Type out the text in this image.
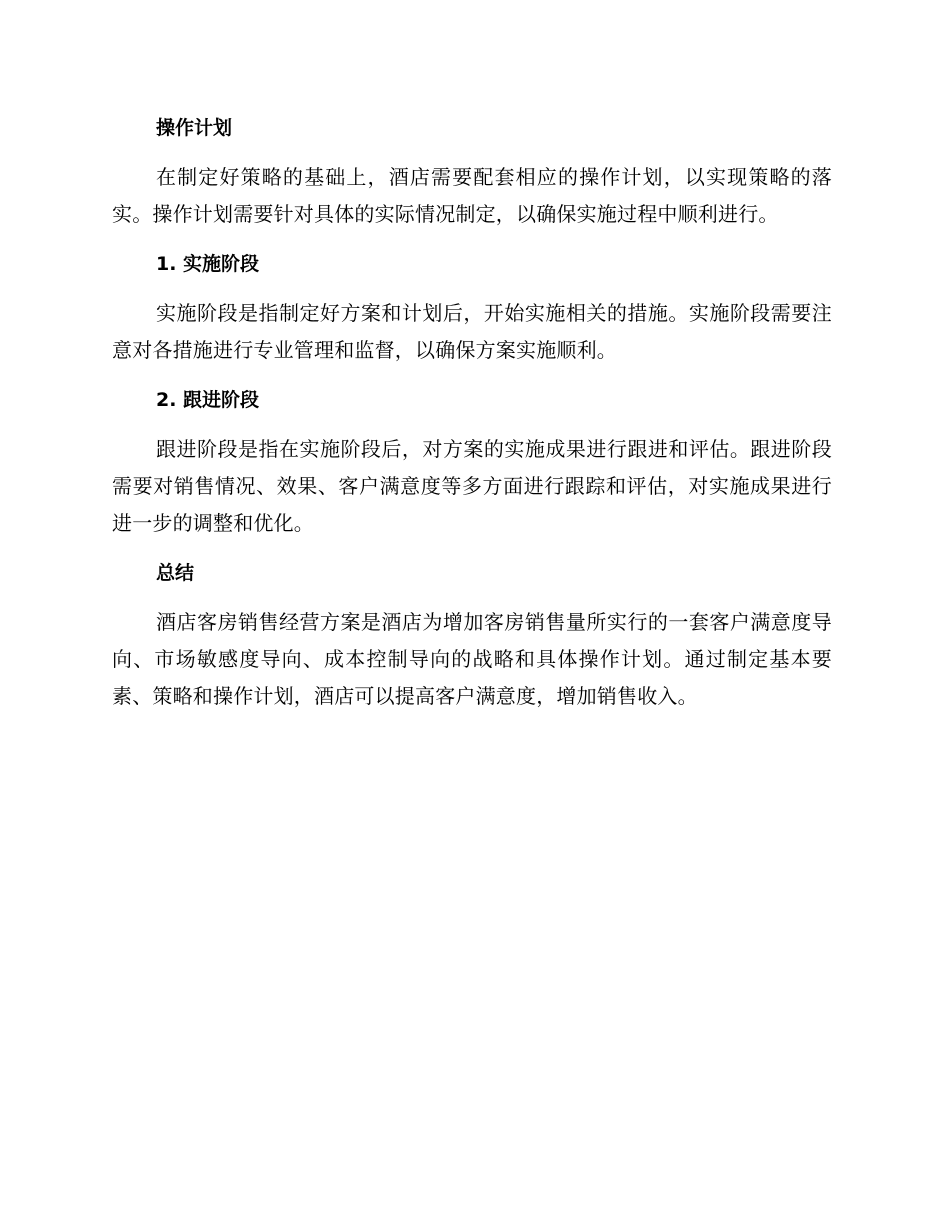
操作计划

在制定好策略的基础上，酒店需要配套相应的操作计划，以实现策略的落实。操作计划需要针对具体的实际情况制定，以确保实施过程中顺利进行。

1. 实施阶段

实施阶段是指制定好方案和计划后，开始实施相关的措施。实施阶段需要注意对各措施进行专业管理和监督，以确保方案实施顺利。

2. 跟进阶段

跟进阶段是指在实施阶段后，对方案的实施成果进行跟进和评估。跟进阶段需要对销售情况、效果、客户满意度等多方面进行跟踪和评估，对实施成果进行进一步的调整和优化。

总结

酒店客房销售经营方案是酒店为增加客房销售量所实行的一套客户满意度导向、市场敏感度导向、成本控制导向的战略和具体操作计划。通过制定基本要素、策略和操作计划，酒店可以提高客户满意度，增加销售收入。
